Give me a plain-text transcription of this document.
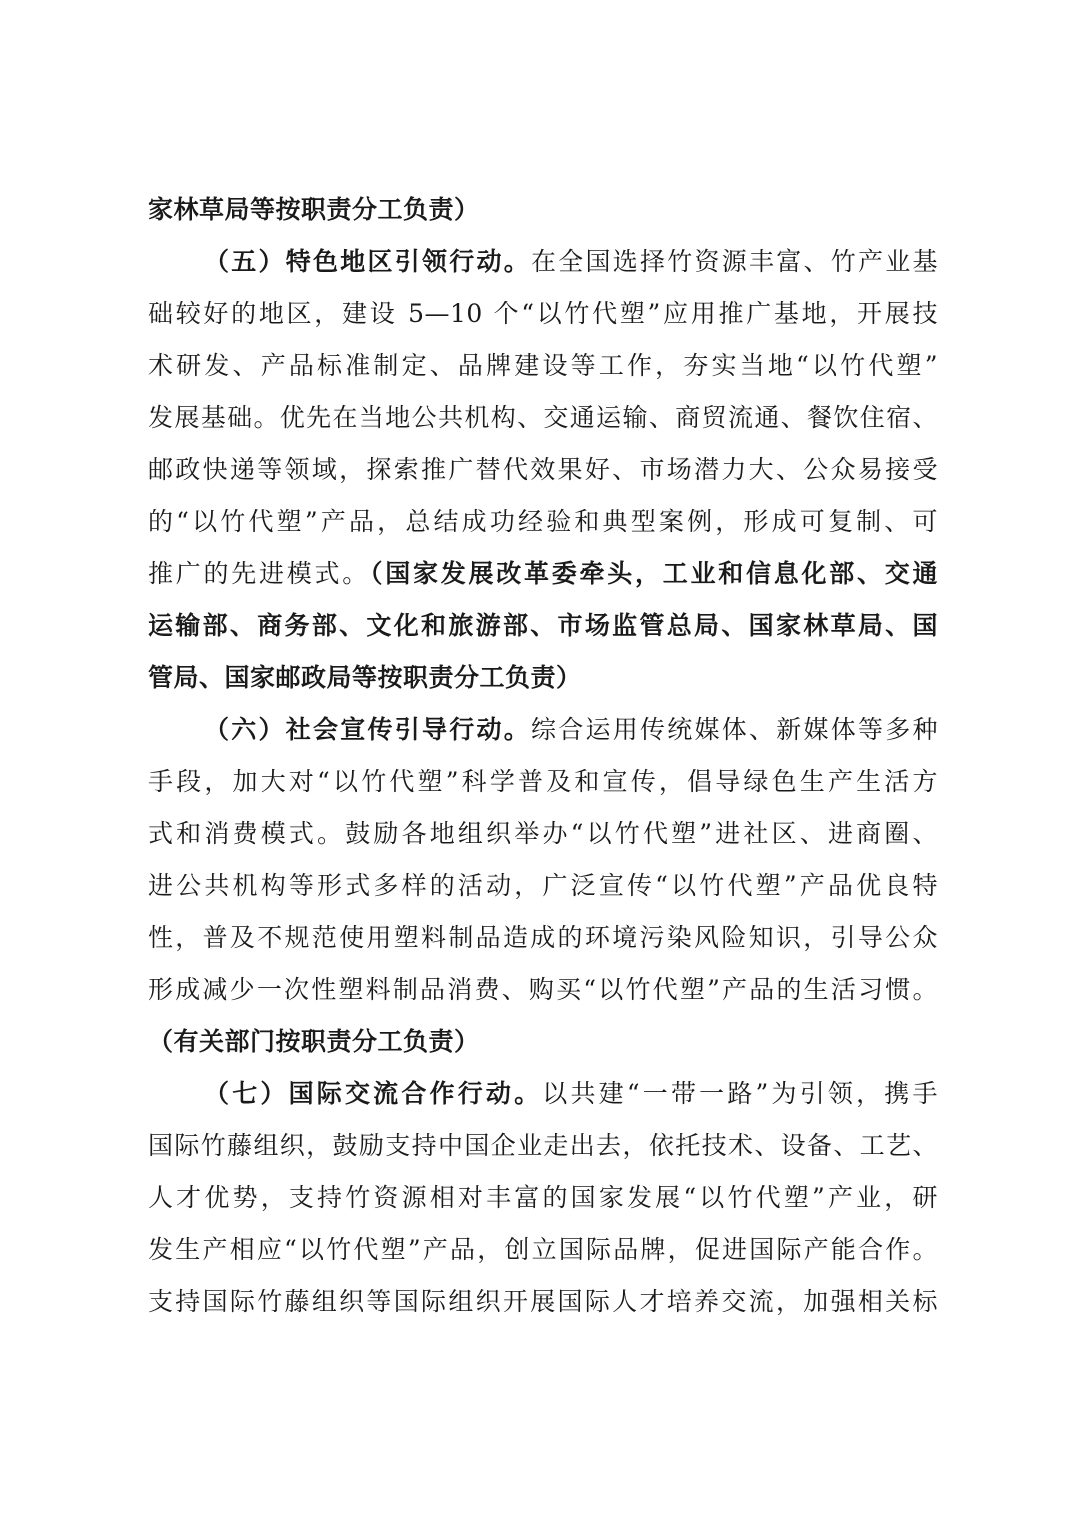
家林草局等按职责分工负责）
（五）特色地区引领行动。在全国选择竹资源丰富、竹产业基
础较好的地区，建设 5—10 个“以竹代塑”应用推广基地，开展技
术研发、产品标准制定、品牌建设等工作，夯实当地“以竹代塑”
发展基础。优先在当地公共机构、交通运输、商贸流通、餐饮住宿、
邮政快递等领域，探索推广替代效果好、市场潜力大、公众易接受
的“以竹代塑”产品，总结成功经验和典型案例，形成可复制、可
推广的先进模式。（国家发展改革委牵头，工业和信息化部、交通
运输部、商务部、文化和旅游部、市场监管总局、国家林草局、国
管局、国家邮政局等按职责分工负责）
（六）社会宣传引导行动。综合运用传统媒体、新媒体等多种
手段，加大对“以竹代塑”科学普及和宣传，倡导绿色生产生活方
式和消费模式。鼓励各地组织举办“以竹代塑”进社区、进商圈、
进公共机构等形式多样的活动，广泛宣传“以竹代塑”产品优良特
性，普及不规范使用塑料制品造成的环境污染风险知识，引导公众
形成减少一次性塑料制品消费、购买“以竹代塑”产品的生活习惯。
（有关部门按职责分工负责）
（七）国际交流合作行动。以共建“一带一路”为引领，携手
国际竹藤组织，鼓励支持中国企业走出去，依托技术、设备、工艺、
人才优势，支持竹资源相对丰富的国家发展“以竹代塑”产业，研
发生产相应“以竹代塑”产品，创立国际品牌，促进国际产能合作。
支持国际竹藤组织等国际组织开展国际人才培养交流，加强相关标
